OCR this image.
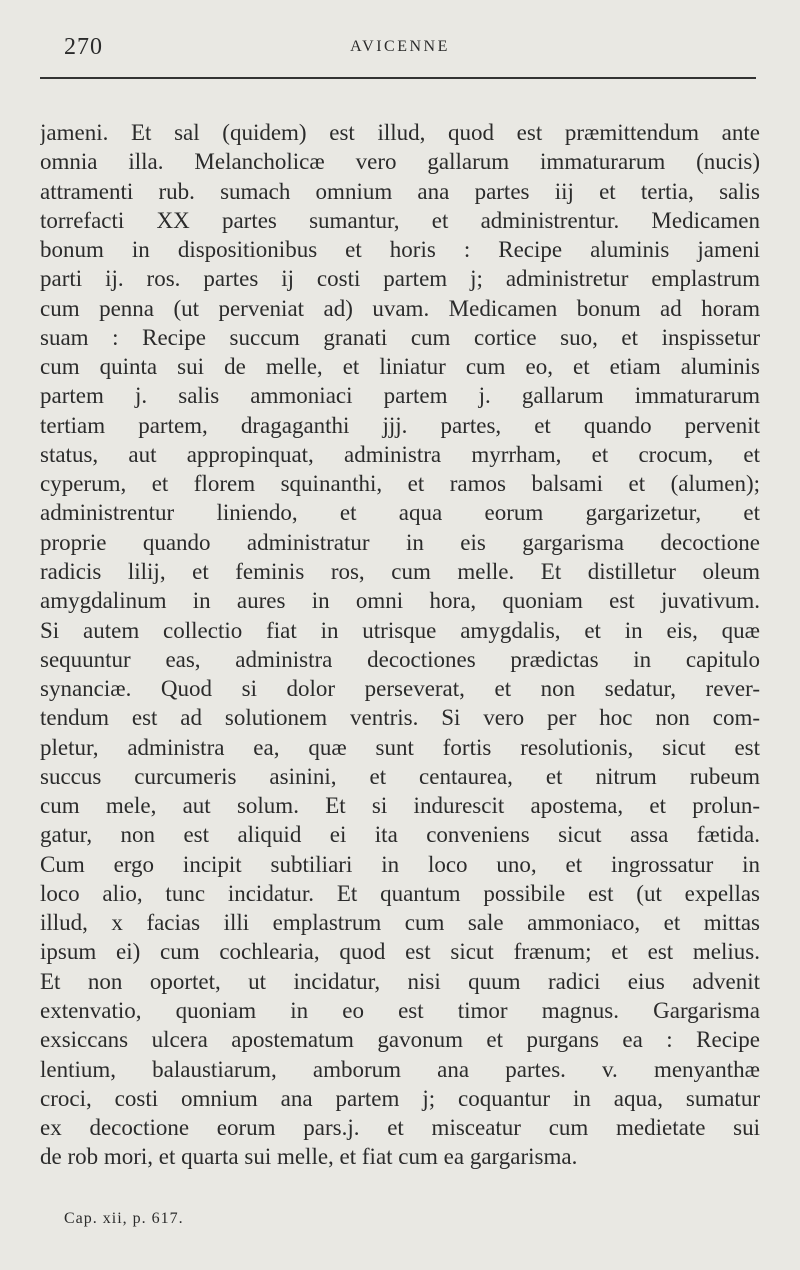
270	AVICENNE
jameni. Et sal (quidem) est illud, quod est præmittendum ante
omnia illa. Melancholicæ vero gallarum immaturarum (nucis)
attramenti rub. sumach omnium ana partes iij et tertia, salis
torrefacti XX partes sumantur, et administrentur. Medicamen
bonum in dispositionibus et horis : Recipe aluminis jameni
parti ij. ros. partes ij costi partem j; administretur emplastrum
cum penna (ut perveniat ad) uvam. Medicamen bonum ad horam
suam : Recipe succum granati cum cortice suo, et inspissetur
cum quinta sui de melle, et liniatur cum eo, et etiam aluminis
partem j. salis ammoniaci partem j. gallarum immaturarum
tertiam partem, dragaganthi jjj. partes, et quando pervenit
status, aut appropinquat, administra myrrham, et crocum, et
cyperum, et florem squinanthi, et ramos balsami et (alumen);
administrentur liniendo, et aqua eorum gargarizetur, et
proprie quando administratur in eis gargarisma decoctione
radicis lilij, et feminis ros, cum melle. Et distilletur oleum
amygdalinum in aures in omni hora, quoniam est juvativum.
Si autem collectio fiat in utrisque amygdalis, et in eis, quæ
sequuntur eas, administra decoctiones prædictas in capitulo
synanciæ. Quod si dolor perseverat, et non sedatur, rever-
tendum est ad solutionem ventris. Si vero per hoc non com-
pletur, administra ea, quæ sunt fortis resolutionis, sicut est
succus curcumeris asinini, et centaurea, et nitrum rubeum
cum mele, aut solum. Et si indurescit apostema, et prolun-
gatur, non est aliquid ei ita conveniens sicut assa fætida.
Cum ergo incipit subtiliari in loco uno, et ingrossatur in
loco alio, tunc incidatur. Et quantum possibile est (ut expellas
illud, x facias illi emplastrum cum sale ammoniaco, et mittas
ipsum ei) cum cochlearia, quod est sicut frænum; et est melius.
Et non oportet, ut incidatur, nisi quum radici eius advenit
extenvatio, quoniam in eo est timor magnus. Gargarisma
exsiccans ulcera apostematum gavonum et purgans ea : Recipe
lentium, balaustiarum, amborum ana partes. v. menyanthæ
croci, costi omnium ana partem j; coquantur in aqua, sumatur
ex decoctione eorum pars.j. et misceatur cum medietate sui
de rob mori, et quarta sui melle, et fiat cum ea gargarisma.
Cap. xii, p. 617.
